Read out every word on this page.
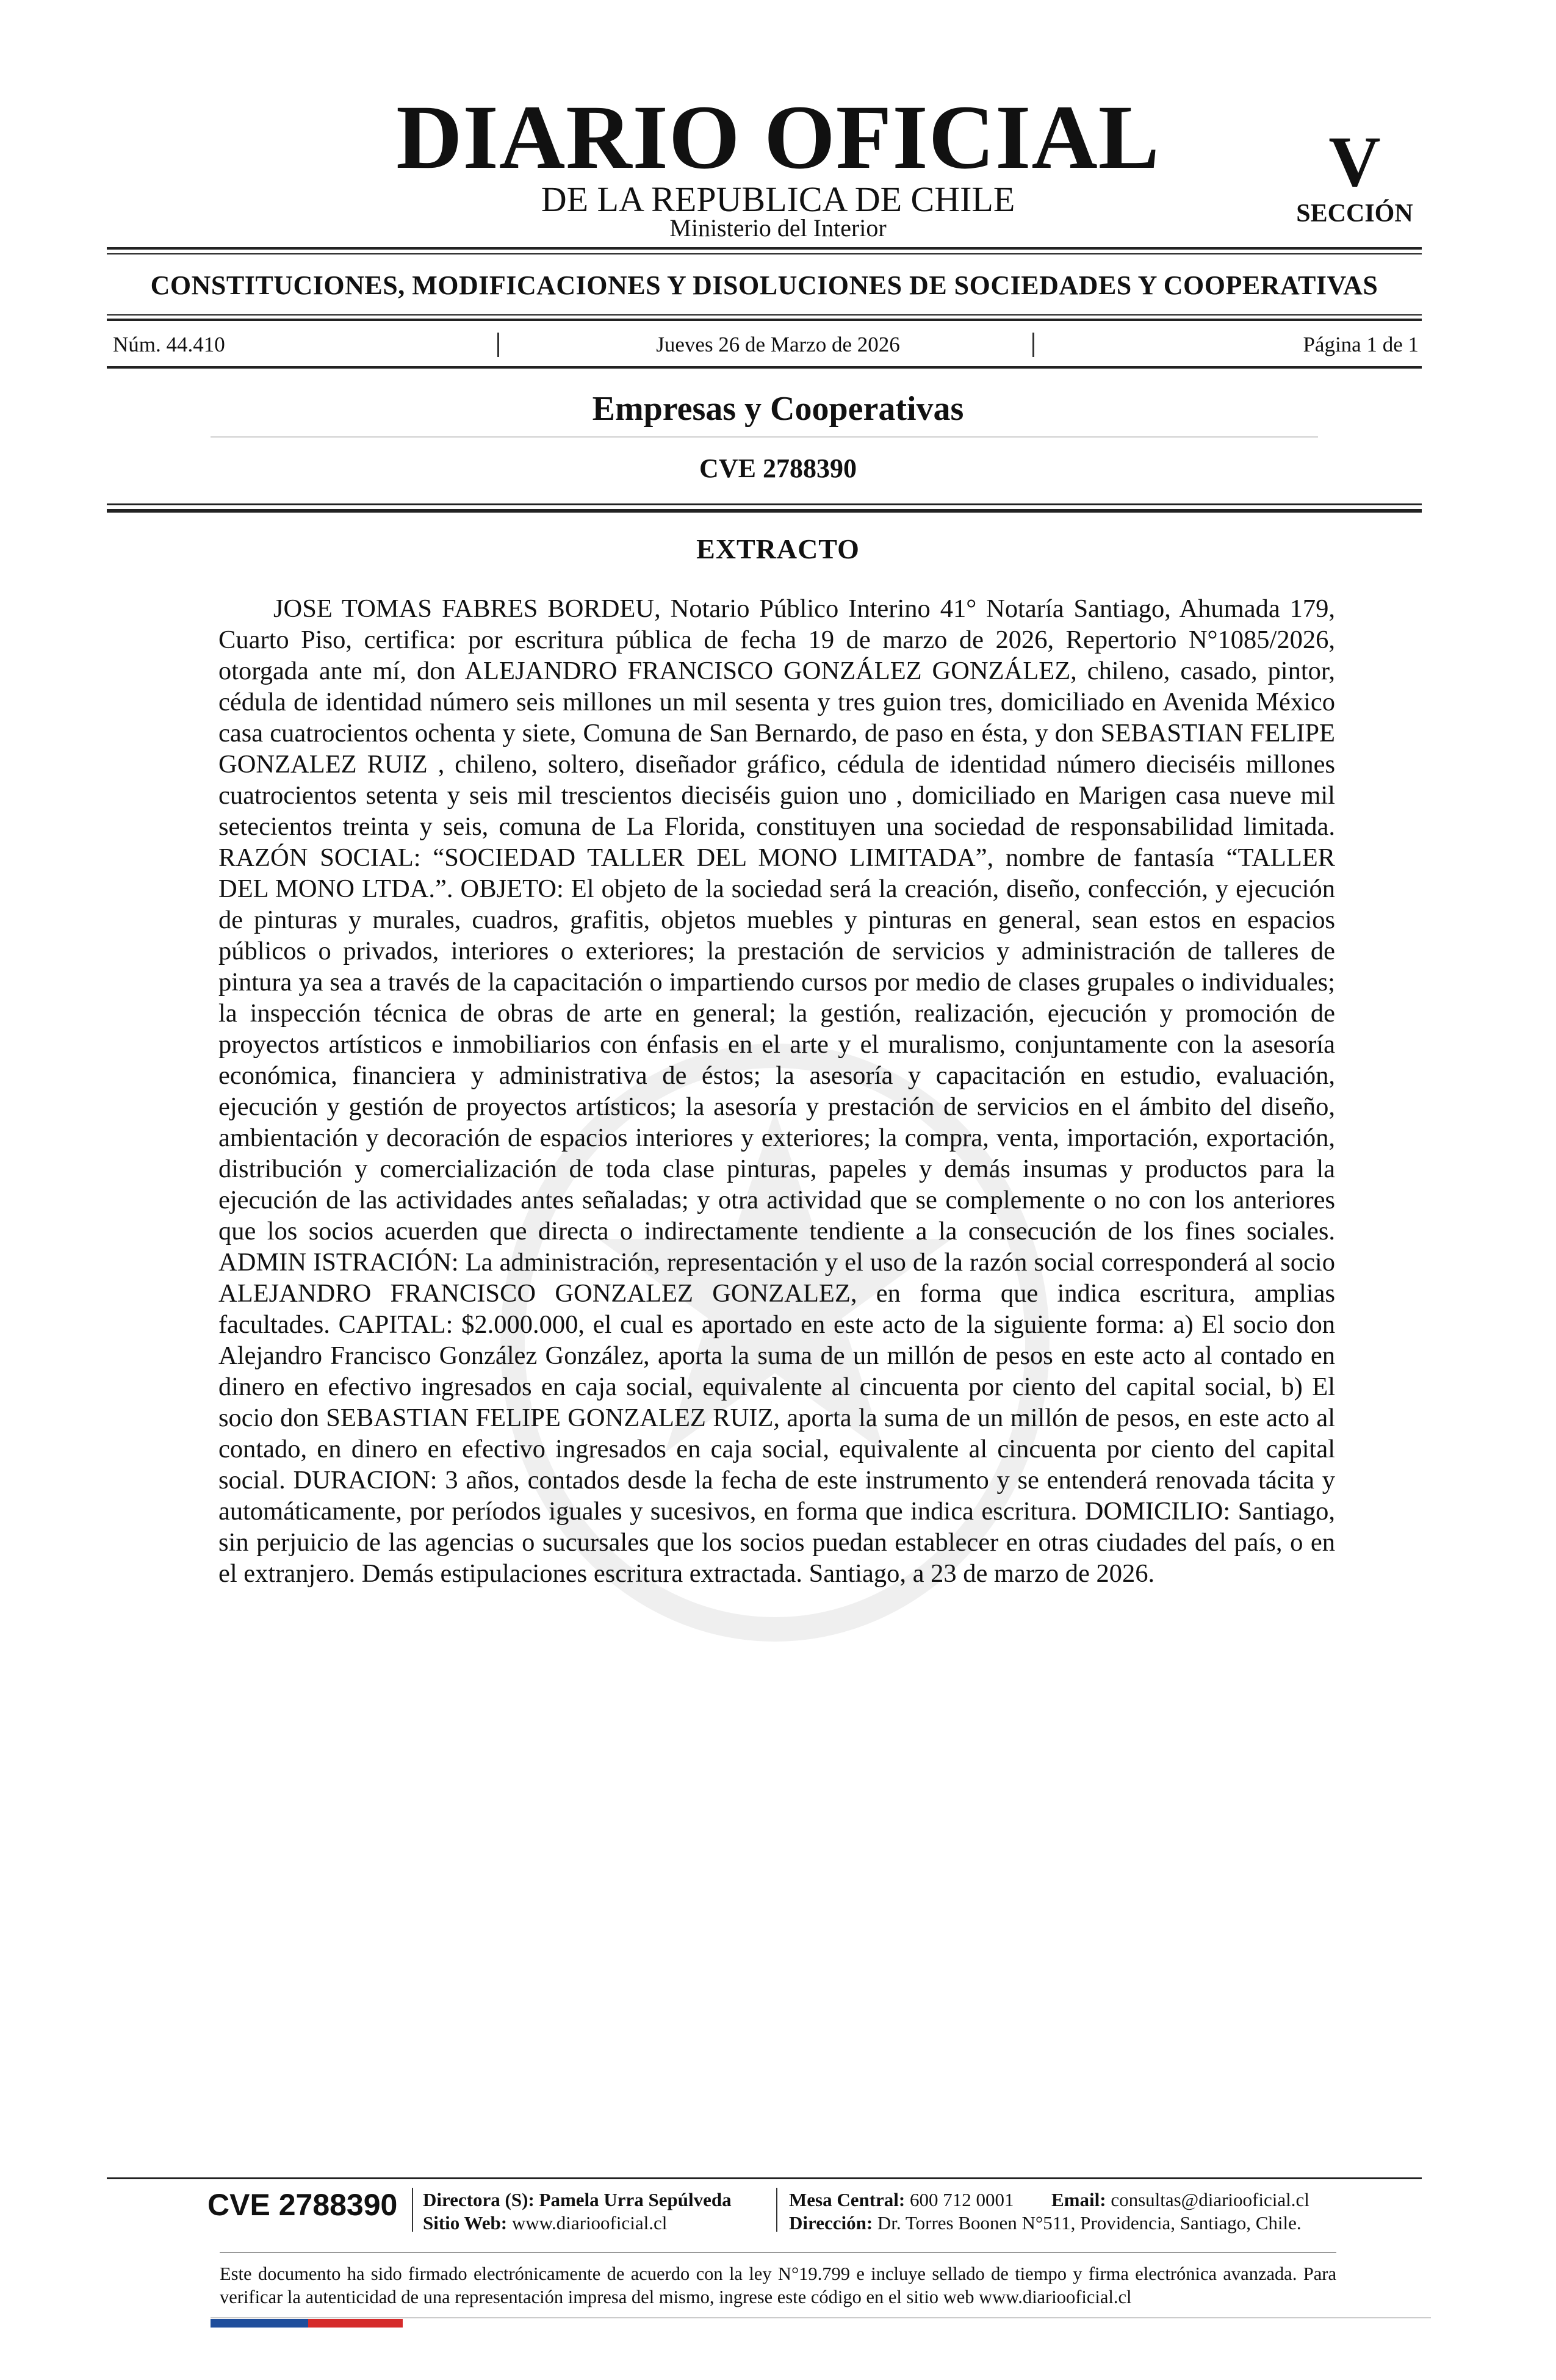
DIARIO OFICIAL
DE LA REPUBLICA DE CHILE
Ministerio del Interior
V
SECCIÓN
CONSTITUCIONES, MODIFICACIONES Y DISOLUCIONES DE SOCIEDADES Y COOPERATIVAS
Núm. 44.410	Jueves 26 de Marzo de 2026	Página 1 de 1
Empresas y Cooperativas
CVE 2788390
EXTRACTO

JOSE TOMAS FABRES BORDEU, Notario Público Interino 41° Notaría Santiago, Ahumada 179, Cuarto Piso, certifica: por escritura pública de fecha 19 de marzo de 2026, Repertorio N°1085/2026, otorgada ante mí, don ALEJANDRO FRANCISCO GONZÁLEZ GONZÁLEZ, chileno, casado, pintor, cédula de identidad número seis millones un mil sesenta y tres guion tres, domiciliado en Avenida México casa cuatrocientos ochenta y siete, Comuna de San Bernardo, de paso en ésta, y don SEBASTIAN FELIPE GONZALEZ RUIZ , chileno, soltero, diseñador gráfico, cédula de identidad número dieciséis millones cuatrocientos setenta y seis mil trescientos dieciséis guion uno , domiciliado en Marigen casa nueve mil setecientos treinta y seis, comuna de La Florida, constituyen una sociedad de responsabilidad limitada. RAZÓN SOCIAL: “SOCIEDAD TALLER DEL MONO LIMITADA”, nombre de fantasía “TALLER DEL MONO LTDA.”. OBJETO: El objeto de la sociedad será la creación, diseño, confección, y ejecución de pinturas y murales, cuadros, grafitis, objetos muebles y pinturas en general, sean estos en espacios públicos o privados, interiores o exteriores; la prestación de servicios y administración de talleres de pintura ya sea a través de la capacitación o impartiendo cursos por medio de clases grupales o individuales; la inspección técnica de obras de arte en general; la gestión, realización, ejecución y promoción de proyectos artísticos e inmobiliarios con énfasis en el arte y el muralismo, conjuntamente con la asesoría económica, financiera y administrativa de éstos; la asesoría y capacitación en estudio, evaluación, ejecución y gestión de proyectos artísticos; la asesoría y prestación de servicios en el ámbito del diseño, ambientación y decoración de espacios interiores y exteriores; la compra, venta, importación, exportación, distribución y comercialización de toda clase pinturas, papeles y demás insumas y productos para la ejecución de las actividades antes señaladas; y otra actividad que se complemente o no con los anteriores que los socios acuerden que directa o indirectamente tendiente a la consecución de los fines sociales. ADMIN ISTRACIÓN: La administración, representación y el uso de la razón social corresponderá al socio ALEJANDRO FRANCISCO GONZALEZ GONZALEZ, en forma que indica escritura, amplias facultades. CAPITAL: $2.000.000, el cual es aportado en este acto de la siguiente forma: a) El socio don Alejandro Francisco González González, aporta la suma de un millón de pesos en este acto al contado en dinero en efectivo ingresados en caja social, equivalente al cincuenta por ciento del capital social, b) El socio don SEBASTIAN FELIPE GONZALEZ RUIZ, aporta la suma de un millón de pesos, en este acto al contado, en dinero en efectivo ingresados en caja social, equivalente al cincuenta por ciento del capital social. DURACION: 3 años, contados desde la fecha de este instrumento y se entenderá renovada tácita y automáticamente, por períodos iguales y sucesivos, en forma que indica escritura. DOMICILIO: Santiago, sin perjuicio de las agencias o sucursales que los socios puedan establecer en otras ciudades del país, o en el extranjero. Demás estipulaciones escritura extractada. Santiago, a 23 de marzo de 2026.

CVE 2788390 Directora (S): Pamela Urra Sepúlveda
Sitio Web: www.diariooficial.cl
Mesa Central: 600 712 0001 Email: consultas@diariooficial.cl
Dirección: Dr. Torres Boonen N°511, Providencia, Santiago, Chile.

Este documento ha sido firmado electrónicamente de acuerdo con la ley N°19.799 e incluye sellado de tiempo y firma electrónica avanzada. Para verificar la autenticidad de una representación impresa del mismo, ingrese este código en el sitio web www.diariooficial.cl
